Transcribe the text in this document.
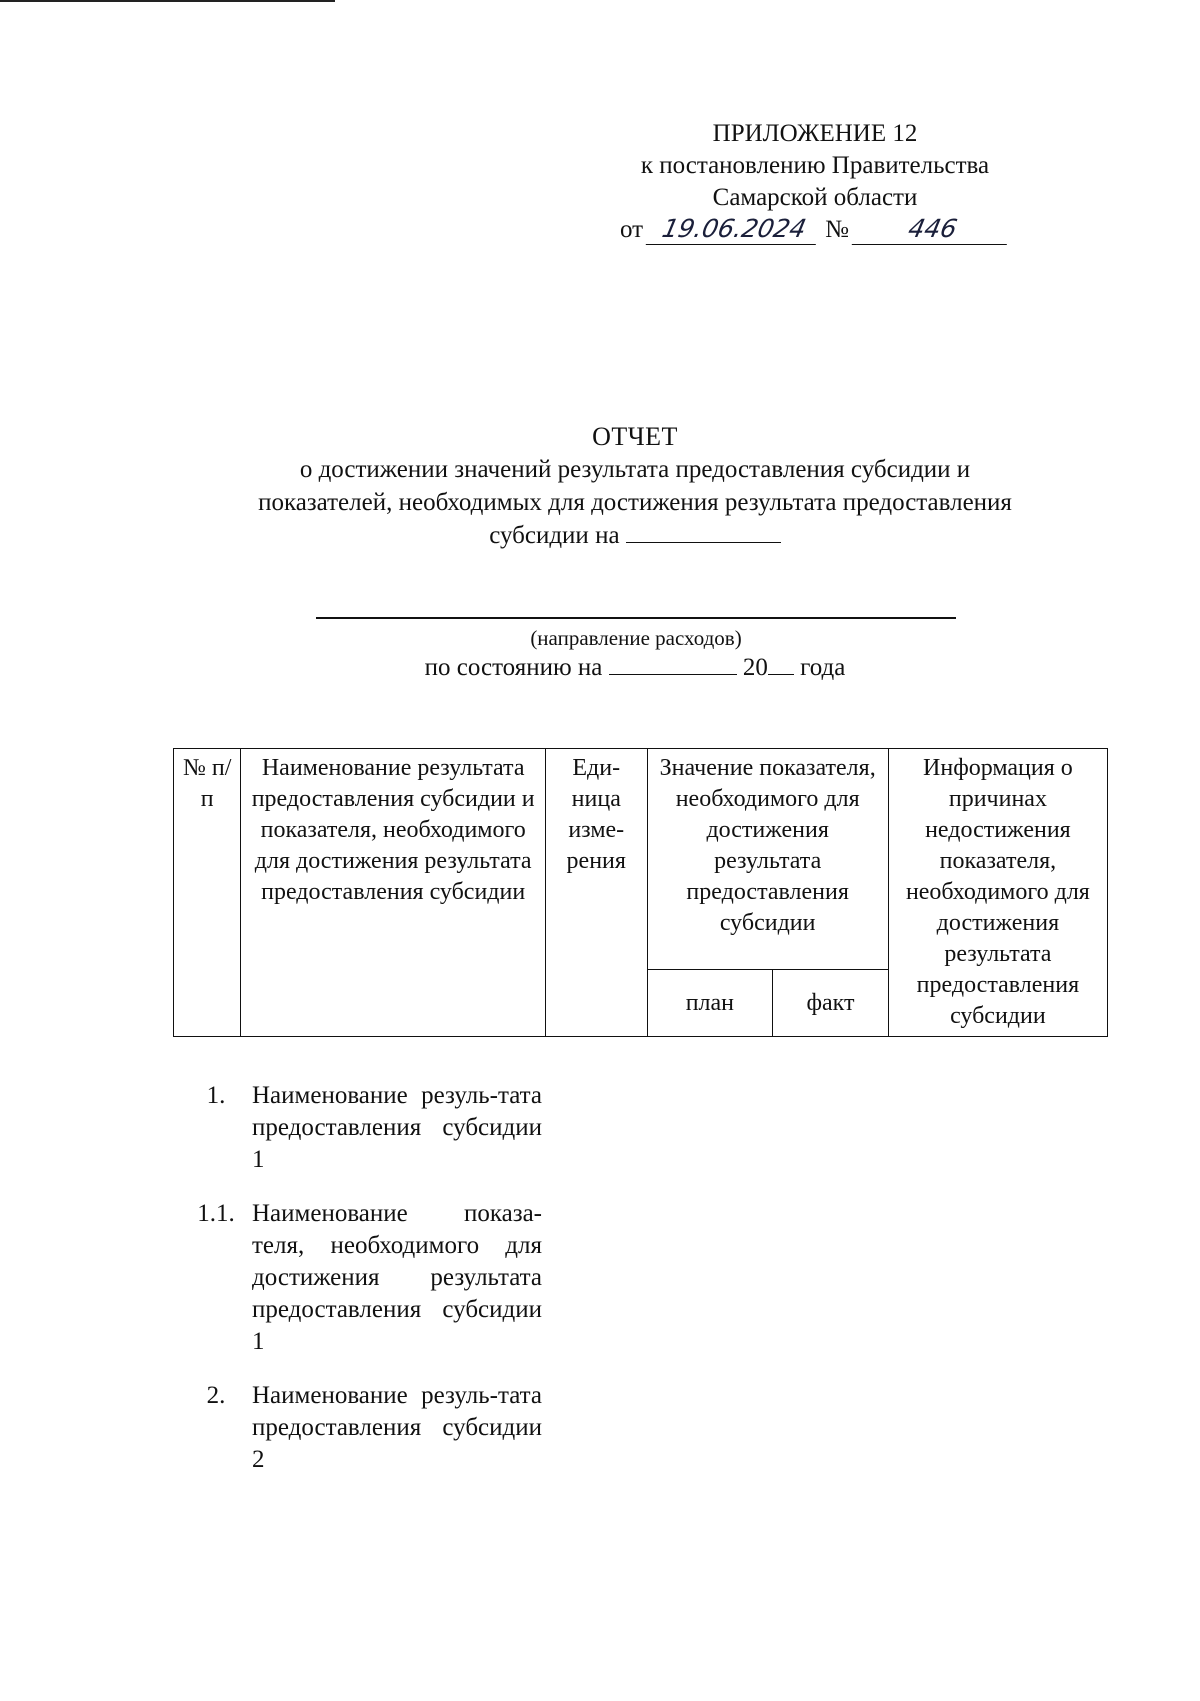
ПРИЛОЖЕНИЕ 12
к постановлению Правительства
Самарской области
от 19.06.2024 №	446
ОТЧЕТ
о достижении значений результата предоставления субсидии и
показателей, необходимых для достижения результата предоставления
субсидии на
(направление расходов)
по состоянию на	20 года
№ п/п	Наименование результата предоставления субсидии и показателя, необходимого для достижения результата предоставления субсидии	Еди-ница изме-рения	Значение показателя, необходимого для достижения результата предоставления субсидии		Информация о причинах недостижения показателя, необходимого для достижения результата предоставления субсидии
			план	факт	
1.	Наименование резуль-тата предоставления субсидии 1
1.1. Наименование показа-теля, необходимого для достижения результата предоставления субсидии 1
2.	Наименование резуль-тата предоставления субсидии 2
